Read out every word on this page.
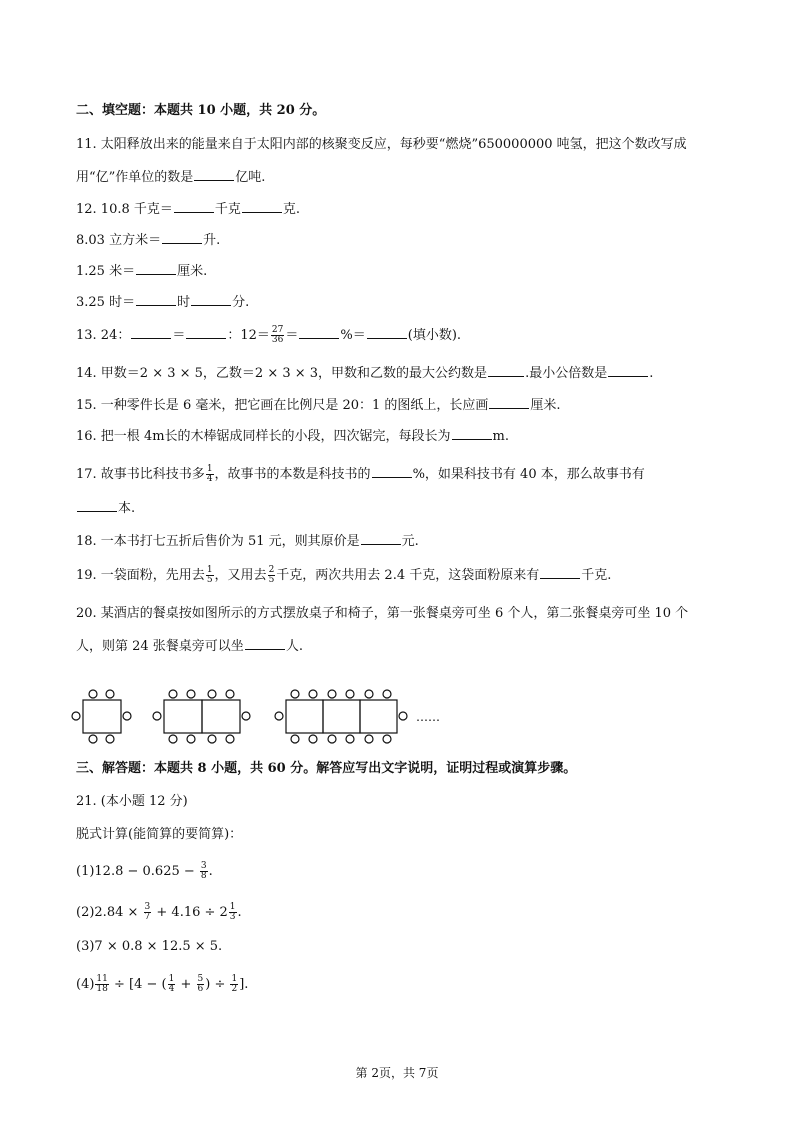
二、填空题：本题共 10 小题，共 20 分。
11. 太阳释放出来的能量来自于太阳内部的核聚变反应，每秒要“燃烧”650000000 吨氢，把这个数改写成
用“亿”作单位的数是	亿吨.
12. 10.8 千克＝	千克	克.
8.03 立方米＝	升.
1.25 米＝	厘米.
3.25 时＝	时	分.
13. 24：	＝	：$12= \frac{27}{36}$ ＝	%＝	(填小数).
14. 甲数＝2 × 3 × 5，乙数＝2 × 3 × 3，甲数和乙数的最大公约数是	.最小公倍数是	.
15. 一种零件长是 6 毫米，把它画在比例尺是 20：1 的图纸上，长应画	厘米.
16. 把一根 4m长的木棒锯成同样长的小段，四次锯完，每段长为	m.
17. 故事书比科技书多 $\frac{1}{4}$ ，故事书的本数是科技书的	%，如果科技书有 40 本，那么故事书有
本.
18. 一本书打七五折后售价为 51 元，则其原价是	元.
19. 一袋面粉，先用去 $\frac{1}{5}$ ，又用去 $\frac{2}{5}$ 千克，两次共用去 2.4 千克，这袋面粉原来有	千克.
20. 某酒店的餐桌按如图所示的方式摆放桌子和椅子，第一张餐桌旁可坐 6 个人，第二张餐桌旁可坐 10 个
人，则第 24 张餐桌旁可以坐	人.
……
三、解答题：本题共 8 小题，共 60 分。解答应写出文字说明，证明过程或演算步骤。
21. (本小题 12 分)
脱式计算(能简算的要简算)：
$(1)12.8 - 0.625 - \frac{3}{8}$ .
$(2)2.84 \times \frac{3}{7} + 4.16 \div 2 \frac{1}{3}$ .
(3)7 × 0.8 × 12.5 × 5.
$(4) \frac{11}{18} \div [4$ − ( $\frac{1}{4} + \frac{5}{6}$ ) ÷ $\frac{1}{2}$ ].
第 2页，共 7页
